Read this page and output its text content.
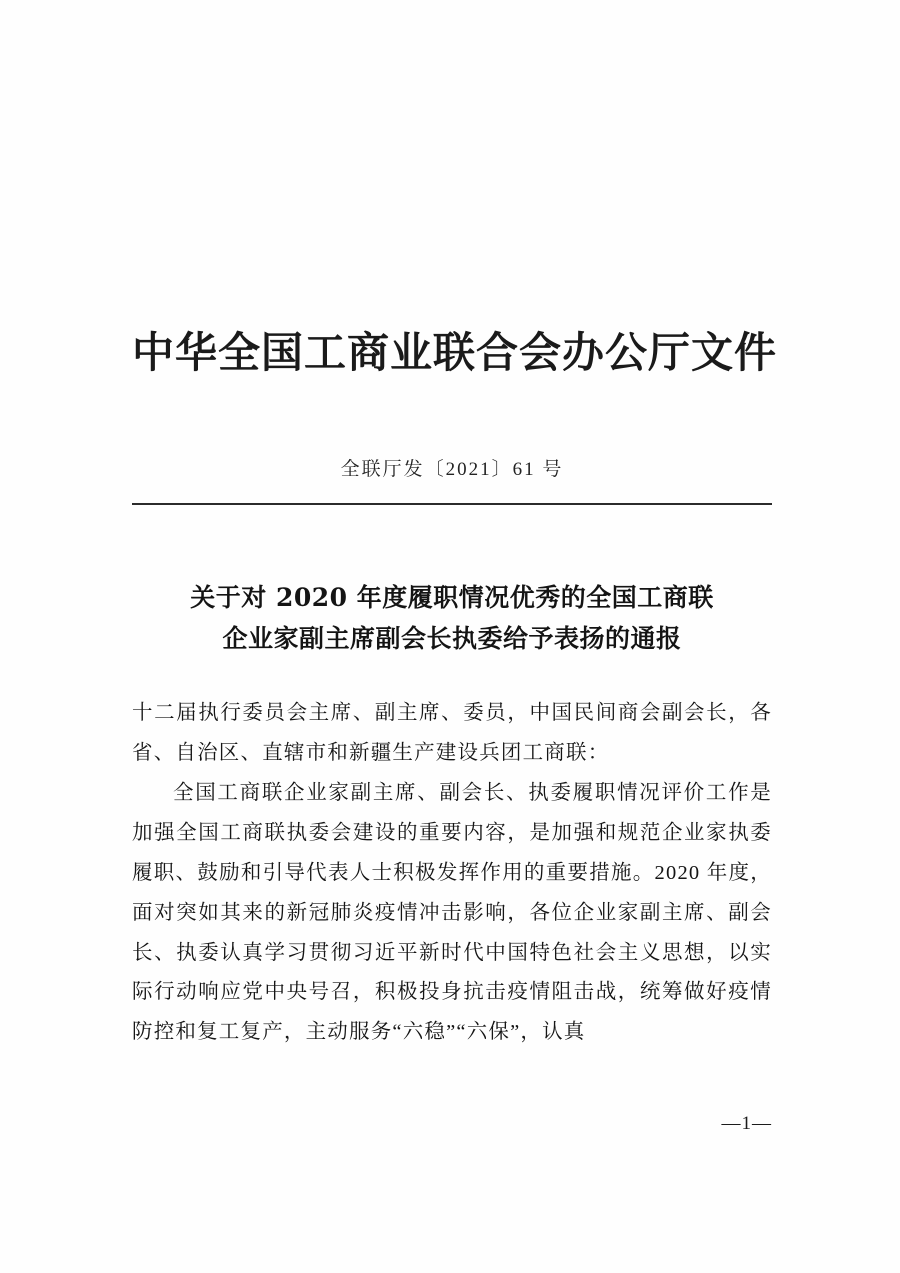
中华全国工商业联合会办公厅文件
全联厅发〔2021〕61 号
关于对 2020 年度履职情况优秀的全国工商联
企业家副主席副会长执委给予表扬的通报
十二届执行委员会主席、副主席、委员，中国民间商会副会长，各省、自治区、直辖市和新疆生产建设兵团工商联：

全国工商联企业家副主席、副会长、执委履职情况评价工作是加强全国工商联执委会建设的重要内容，是加强和规范企业家执委履职、鼓励和引导代表人士积极发挥作用的重要措施。2020 年度，面对突如其来的新冠肺炎疫情冲击影响，各位企业家副主席、副会长、执委认真学习贯彻习近平新时代中国特色社会主义思想，以实际行动响应党中央号召，积极投身抗击疫情阻击战，统筹做好疫情防控和复工复产，主动服务“六稳”“六保”，认真

—1—
